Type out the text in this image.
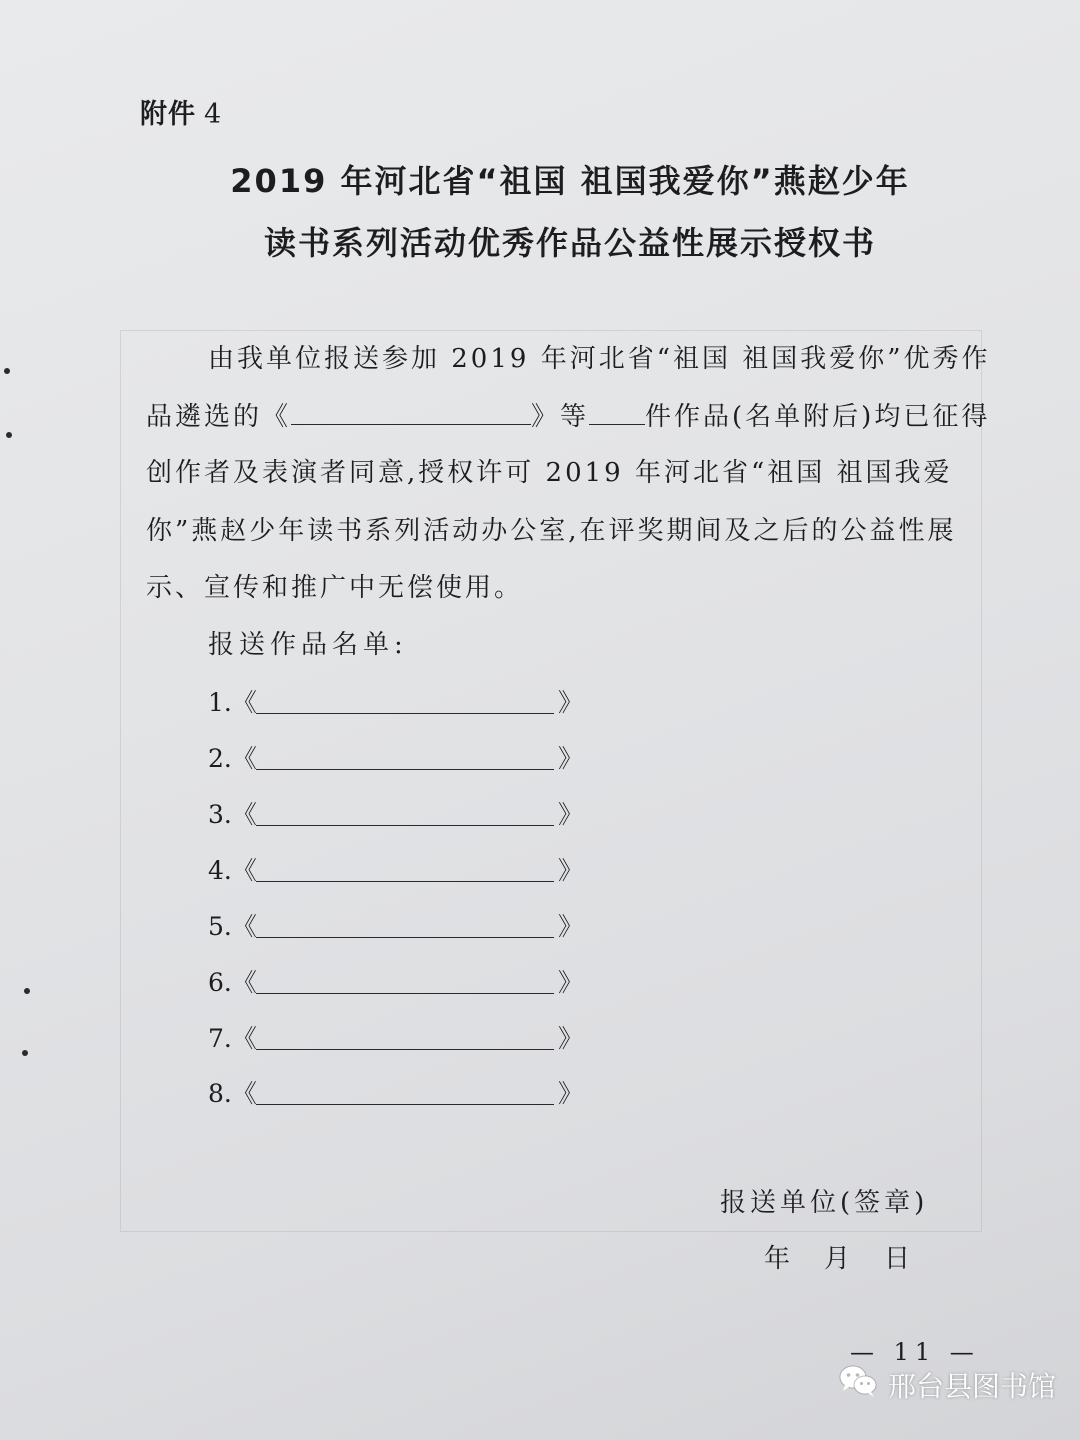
附件 4
2019 年河北省“祖国 祖国我爱你”燕赵少年
读书系列活动优秀作品公益性展示授权书
由我单位报送参加 2019 年河北省“祖国 祖国我爱你”优秀作
品遴选的《	》等 件作品(名单附后)均已征得
创作者及表演者同意,授权许可 2019 年河北省“祖国 祖国我爱
你”燕赵少年读书系列活动办公室,在评奖期间及之后的公益性展
示、宣传和推广中无偿使用。
报送作品名单:
1.《	》
2.《	》
3.《	》
4.《	》
5.《	》
6.《	》
7.《	》
8.《	》
报送单位(签章)
年 月 日
— 11 —
邢台县图书馆
